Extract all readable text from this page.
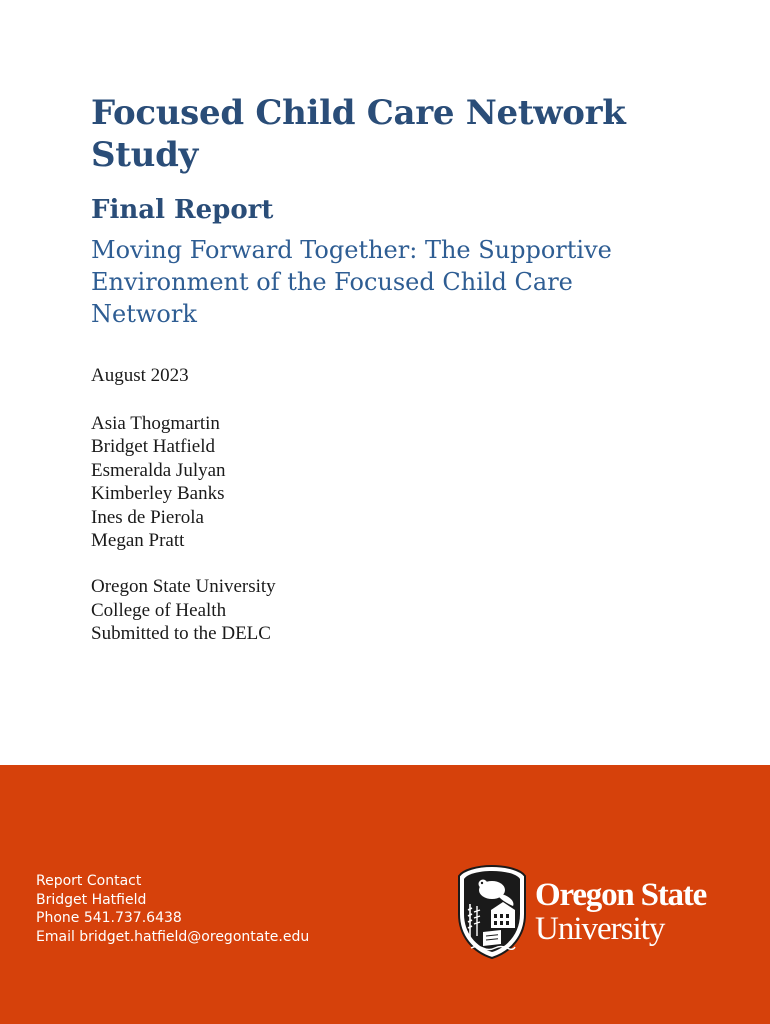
Focused Child Care Network Study
Final Report

Moving Forward Together: The Supportive Environment of the Focused Child Care Network

August 2023

Asia Thogmartin
Bridget Hatfield
Esmeralda Julyan
Kimberley Banks
Ines de Pierola
Megan Pratt
Oregon State University
College of Health
Submitted to the DELC
Report Contact
Bridget Hatfield
Phone 541.737.6438
Email bridget.hatfield@oregontate.edu
Oregon State
University
